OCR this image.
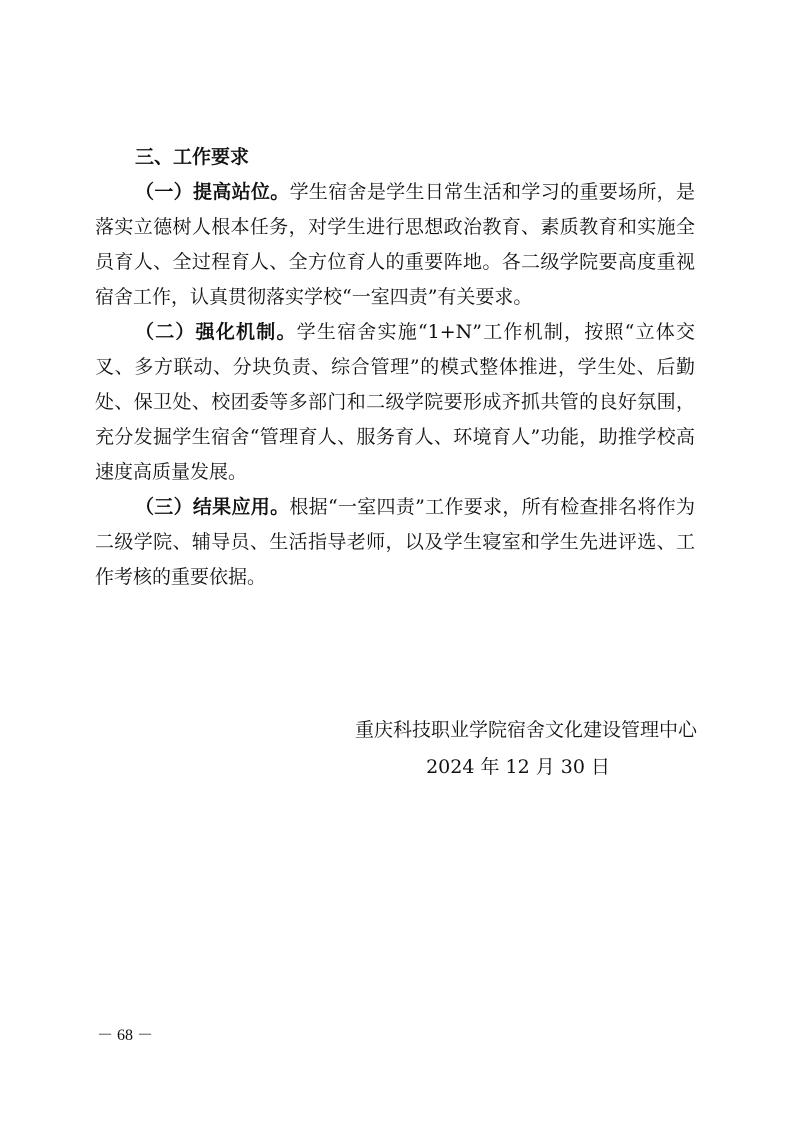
三、工作要求

（一）提高站位。学生宿舍是学生日常生活和学习的重要场所，是落实立德树人根本任务，对学生进行思想政治教育、素质教育和实施全员育人、全过程育人、全方位育人的重要阵地。各二级学院要高度重视宿舍工作，认真贯彻落实学校“一室四责”有关要求。

（二）强化机制。学生宿舍实施“1+N”工作机制，按照“立体交叉、多方联动、分块负责、综合管理”的模式整体推进，学生处、后勤处、保卫处、校团委等多部门和二级学院要形成齐抓共管的良好氛围，充分发掘学生宿舍“管理育人、服务育人、环境育人”功能，助推学校高速度高质量发展。

（三）结果应用。根据“一室四责”工作要求，所有检查排名将作为二级学院、辅导员、生活指导老师，以及学生寝室和学生先进评选、工作考核的重要依据。

重庆科技职业学院宿舍文化建设管理中心
2024 年 12 月 30 日
－ 68 －
